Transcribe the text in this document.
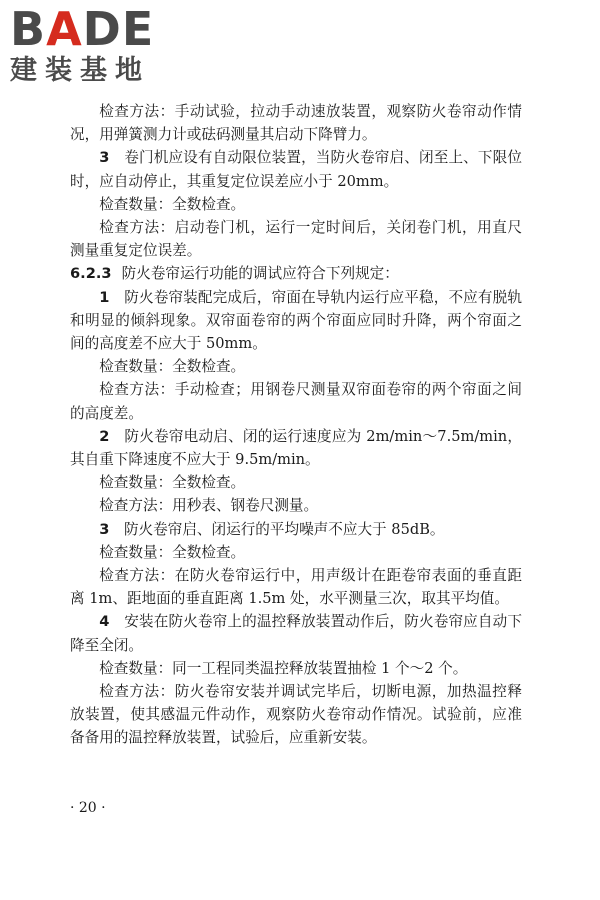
BADE
建装基地

检查方法：手动试验，拉动手动速放装置，观察防火卷帘动作情况，用弹簧测力计或砝码测量其启动下降臂力。

3　 卷门机应设有自动限位装置，当防火卷帘启、闭至上、下限位时，应自动停止，其重复定位误差应小于 20mm。

检查数量：全数检查。

检查方法：启动卷门机，运行一定时间后，关闭卷门机，用直尺测量重复定位误差。

6.2.3 防火卷帘运行功能的调试应符合下列规定：

1　 防火卷帘装配完成后，帘面在导轨内运行应平稳，不应有脱轨和明显的倾斜现象。双帘面卷帘的两个帘面应同时升降，两个帘面之间的高度差不应大于 50mm。

检查数量：全数检查。

检查方法：手动检查；用钢卷尺测量双帘面卷帘的两个帘面之间的高度差。

2　 防火卷帘电动启、闭的运行速度应为 2m/min～7.5m/min，其自重下降速度不应大于 9.5m/min。

检查数量：全数检查。

检查方法：用秒表、钢卷尺测量。

3　 防火卷帘启、闭运行的平均噪声不应大于 85dB。

检查数量：全数检查。

检查方法：在防火卷帘运行中，用声级计在距卷帘表面的垂直距离 1m、距地面的垂直距离 1.5m 处，水平测量三次，取其平均值。

4　 安装在防火卷帘上的温控释放装置动作后，防火卷帘应自动下降至全闭。

检查数量：同一工程同类温控释放装置抽检 1 个～2 个。

检查方法：防火卷帘安装并调试完毕后，切断电源，加热温控释放装置，使其感温元件动作，观察防火卷帘动作情况。试验前，应准备备用的温控释放装置，试验后，应重新安装。

· 20 ·
